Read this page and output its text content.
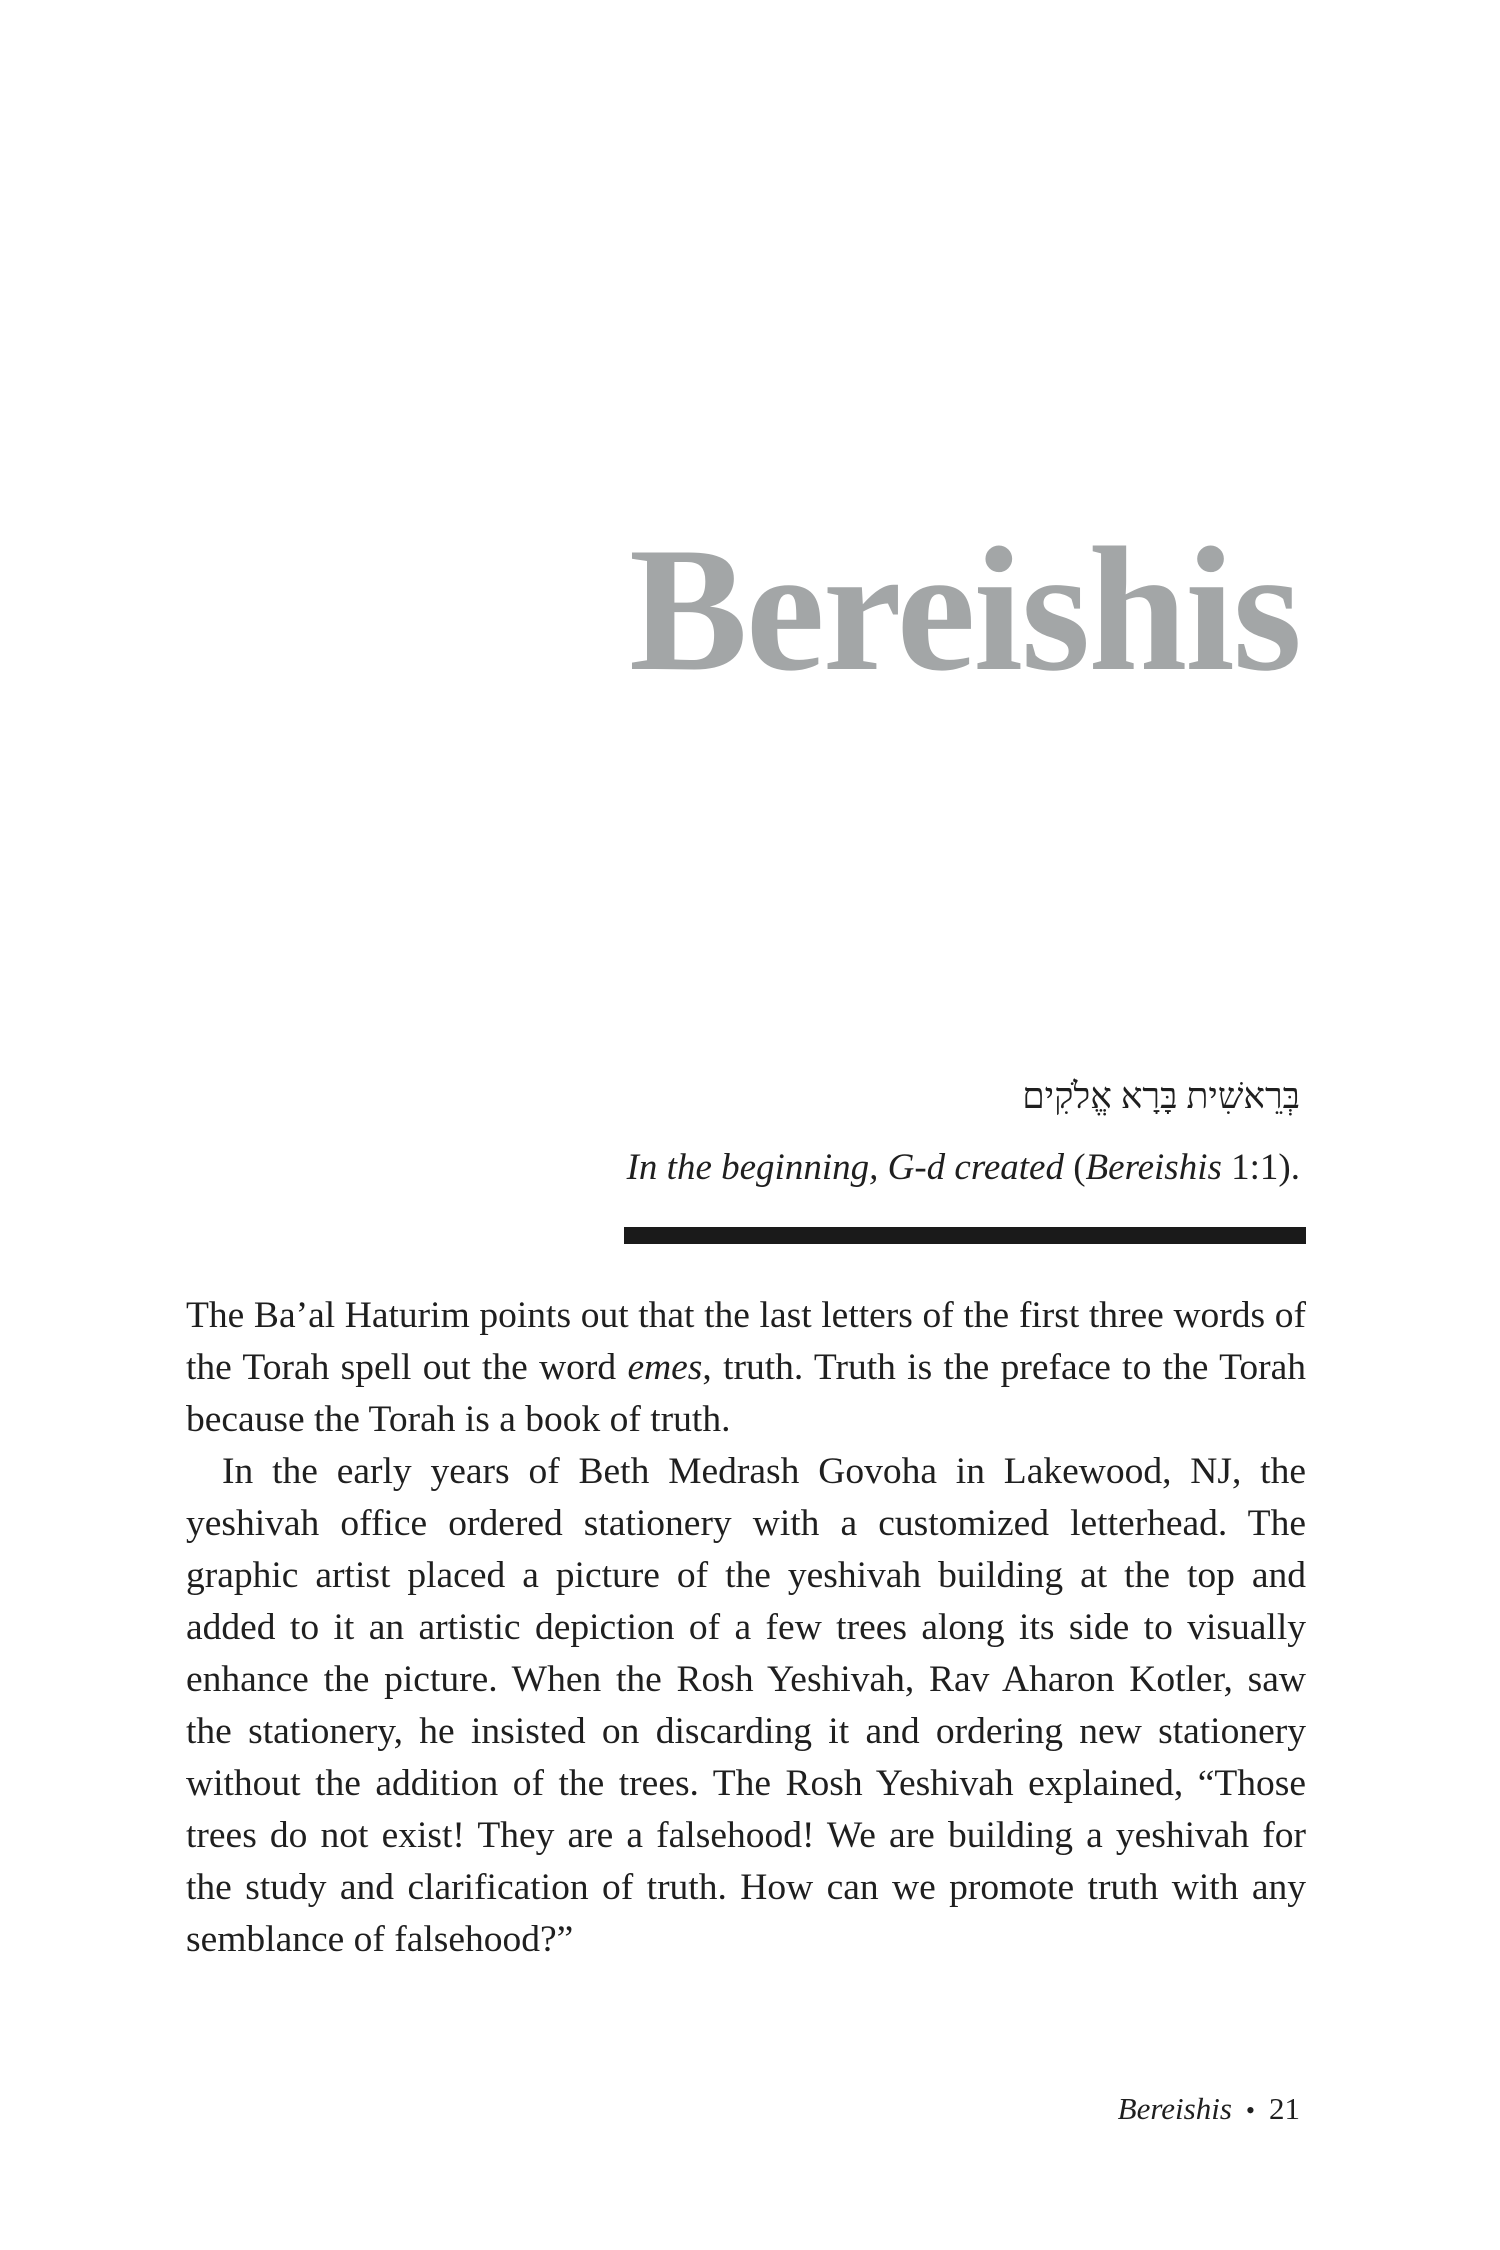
Bereishis
בְּרֵאשִׁית בָּרָא אֱלֹקִים
In the beginning, G-d created (Bereishis 1:1).

The Ba’al Haturim points out that the last letters of the first three words of the Torah spell out the word emes, truth. Truth is the preface to the Torah because the Torah is a book of truth.

In the early years of Beth Medrash Govoha in Lakewood, NJ, the yeshivah office ordered stationery with a customized letterhead. The graphic artist placed a picture of the yeshivah building at the top and added to it an artistic depiction of a few trees along its side to visually enhance the picture. When the Rosh Yeshivah, Rav Aharon Kotler, saw the stationery, he insisted on discarding it and ordering new stationery without the addition of the trees. The Rosh Yeshivah explained, “Those trees do not exist! They are a falsehood! We are building a yeshivah for the study and clarification of truth. How can we promote truth with any semblance of falsehood?”

Bereishis • 21
